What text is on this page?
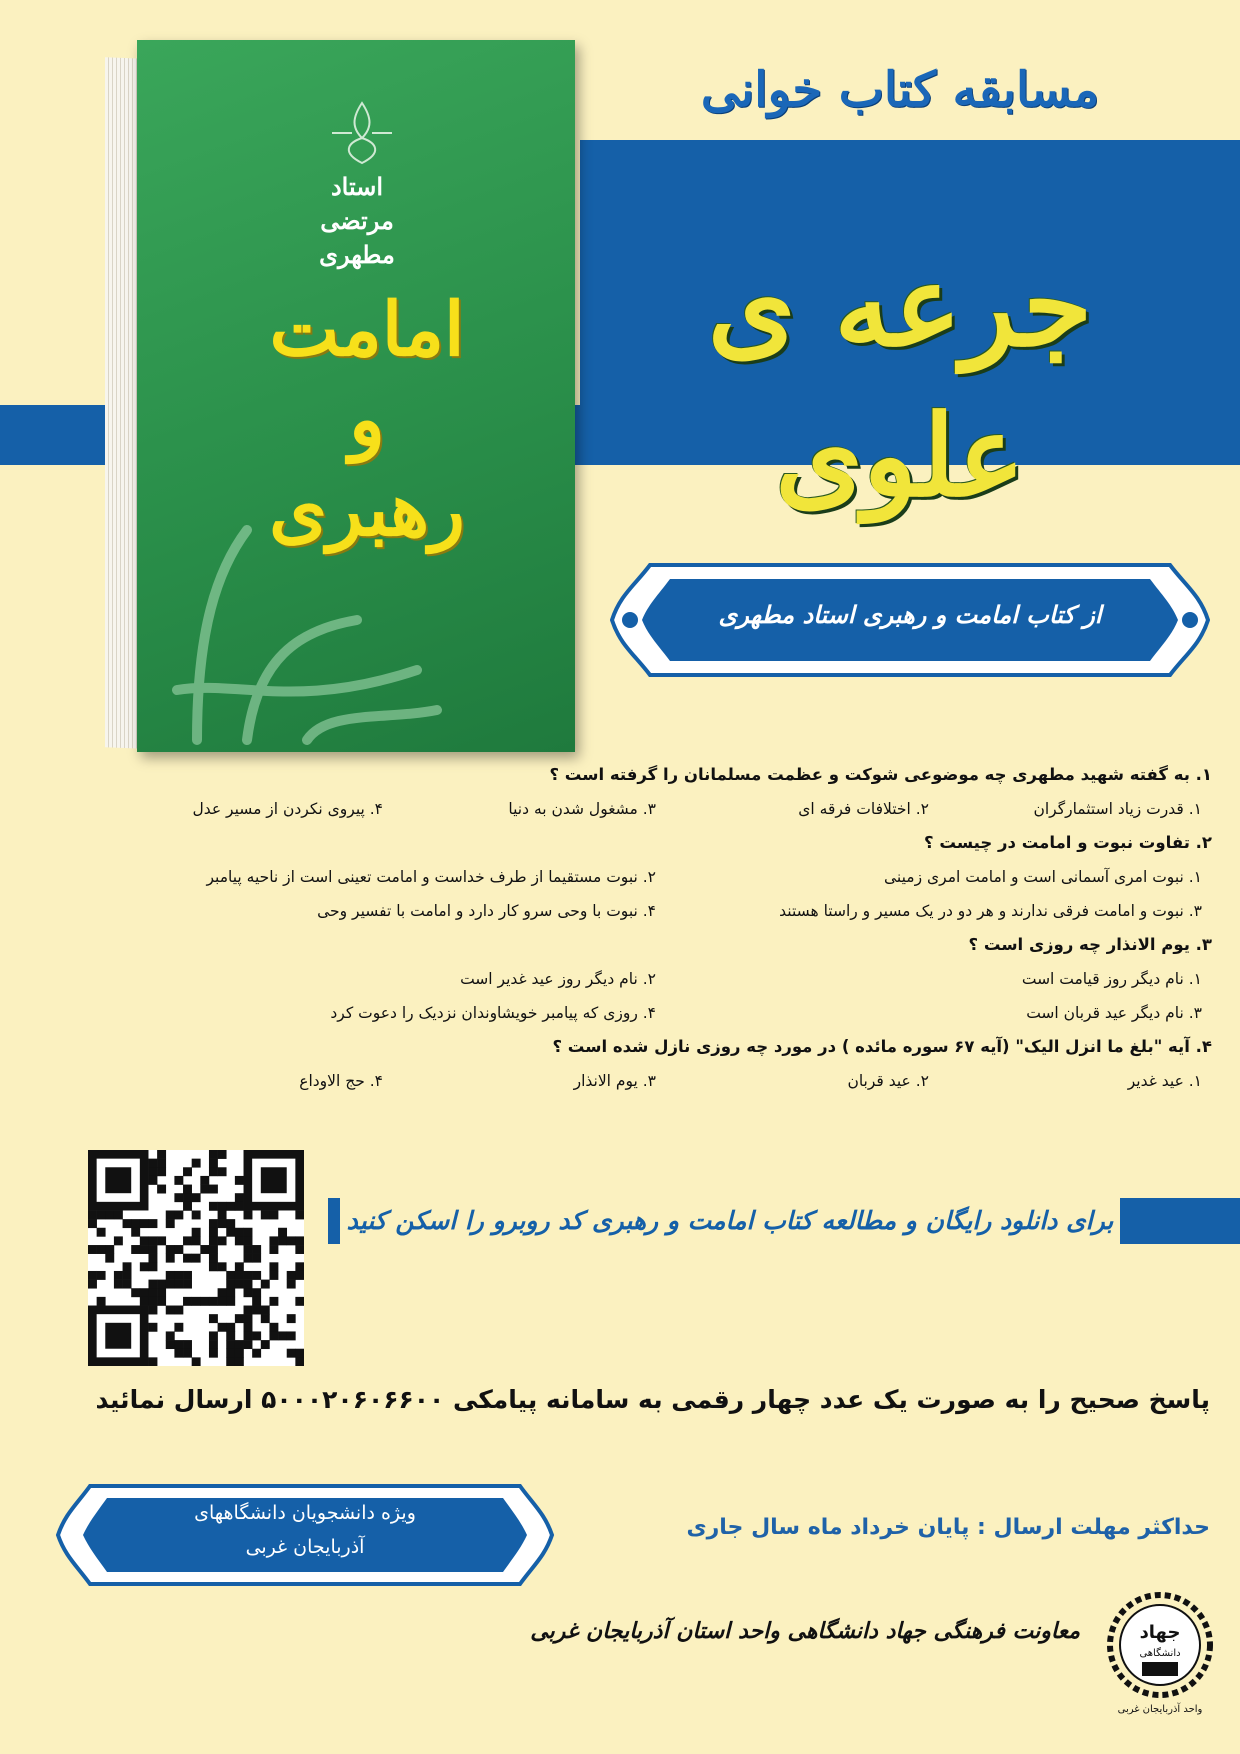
استاد
مرتضی
مطهری
امامت
و
رهبری
مسابقه کتاب خوانی
جرعه ی علوی
از کتاب امامت و رهبری استاد مطهری
۱. به گفته شهید مطهری چه موضوعی شوکت و عظمت مسلمانان را گرفته است ؟
۱. قدرت زیاد استثمارگران
۲. اختلافات فرقه ای
۳. مشغول شدن به دنیا
۴. پیروی نکردن از مسیر عدل
۲. تفاوت نبوت و امامت در چیست ؟
۱. نبوت امری آسمانی است و امامت امری زمینی
۲. نبوت مستقیما از طرف خداست و امامت تعینی است از ناحیه پیامبر
۳. نبوت و امامت فرقی ندارند و هر دو در یک مسیر و راستا هستند
۴. نبوت با وحی سرو کار دارد و امامت با تفسیر وحی
۳. یوم الانذار چه روزی است ؟
۱. نام دیگر روز قیامت است
۲. نام دیگر روز عید غدیر است
۳. نام دیگر عید قربان است
۴. روزی که پیامبر خویشاوندان نزدیک را دعوت کرد
۴. آیه "بلغ ما انزل الیک" (آیه ۶۷ سوره مائده ) در مورد چه روزی نازل شده است ؟
۱. عید غدیر
۲. عید قربان
۳. یوم الانذار
۴. حج الاوداع
برای دانلود رایگان و مطالعه کتاب امامت و رهبری کد روبرو را اسکن کنید
پاسخ صحیح را به صورت یک عدد چهار رقمی به سامانه پیامکی ۵۰۰۰۲۰۶۰۶۶۰۰ ارسال نمائید
ویژه دانشجویان دانشگاههای
آذربایجان غربی
حداکثر مهلت ارسال : پایان خرداد ماه سال جاری
معاونت فرهنگی جهاد دانشگاهی واحد استان آذربایجان غربی	جهاد
دانشگاهی
واحد آذربایجان غربی
